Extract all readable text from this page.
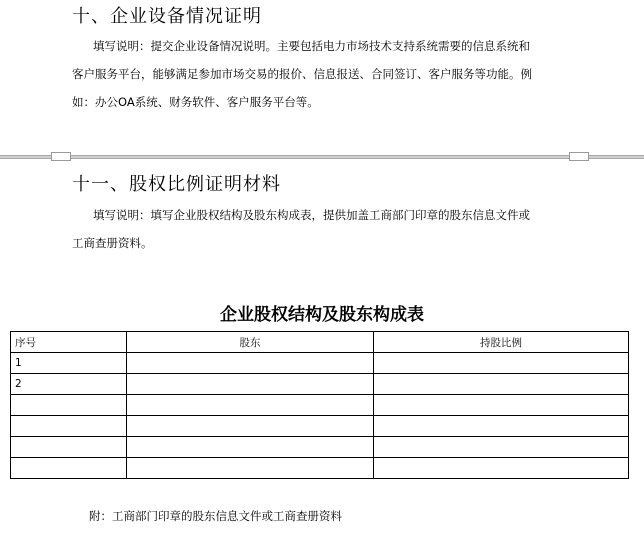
十、企业设备情况证明
填写说明：提交企业设备情况说明。主要包括电力市场技术支持系统需要的信息系统和
客户服务平台，能够满足参加市场交易的报价、信息报送、合同签订、客户服务等功能。例
如：办公OA系统、财务软件、客户服务平台等。
十一、股权比例证明材料
填写说明：填写企业股权结构及股东构成表，提供加盖工商部门印章的股东信息文件或
工商查册资料。
企业股权结构及股东构成表
序号	股东	持股比例
1		
2		

附：工商部门印章的股东信息文件或工商查册资料
